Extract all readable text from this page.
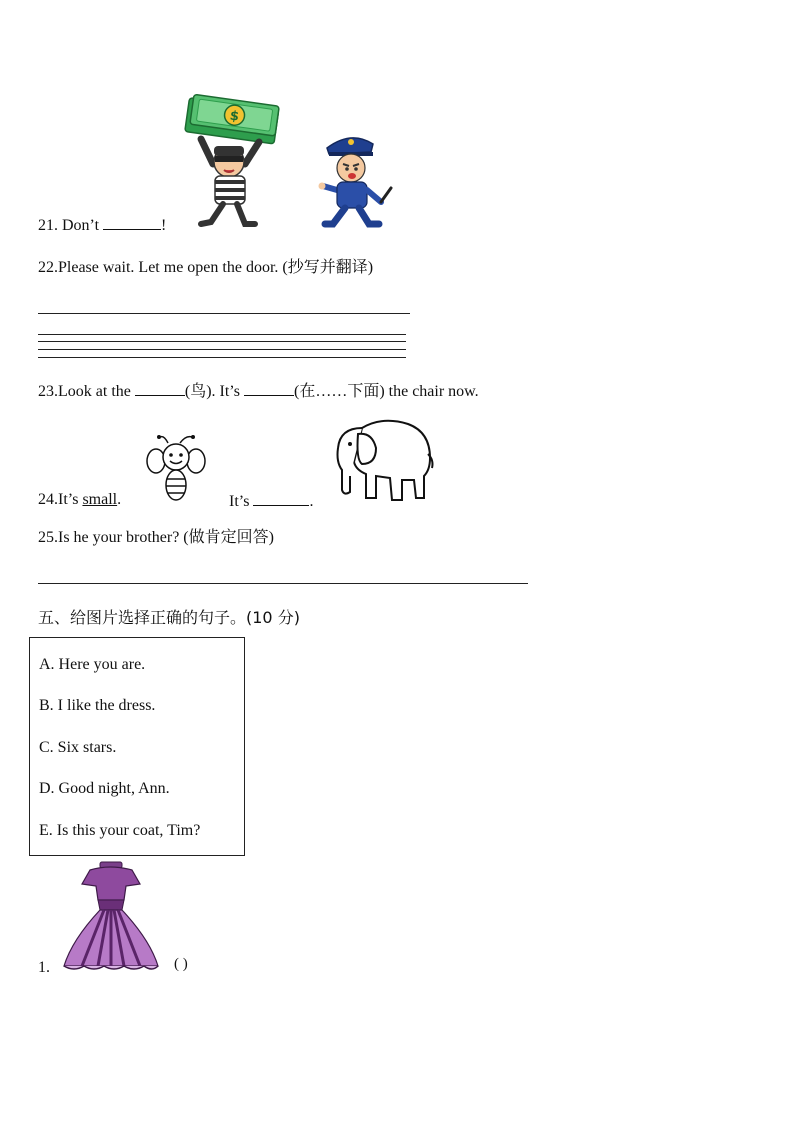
$
21. Don’t	!
22.Please wait. Let me open the door. (抄写并翻译)
23.Look at the	(鸟). It’s	(在……下面) the chair now.
24.It’s small.	It’s	.
25.Is he your brother? (做肯定回答)
五、给图片选择正确的句子。(10 分)
A. Here you are.
B. I like the dress.
C. Six stars.
D. Good night, Ann.
E. Is this your coat, Tim?
1.	( )
